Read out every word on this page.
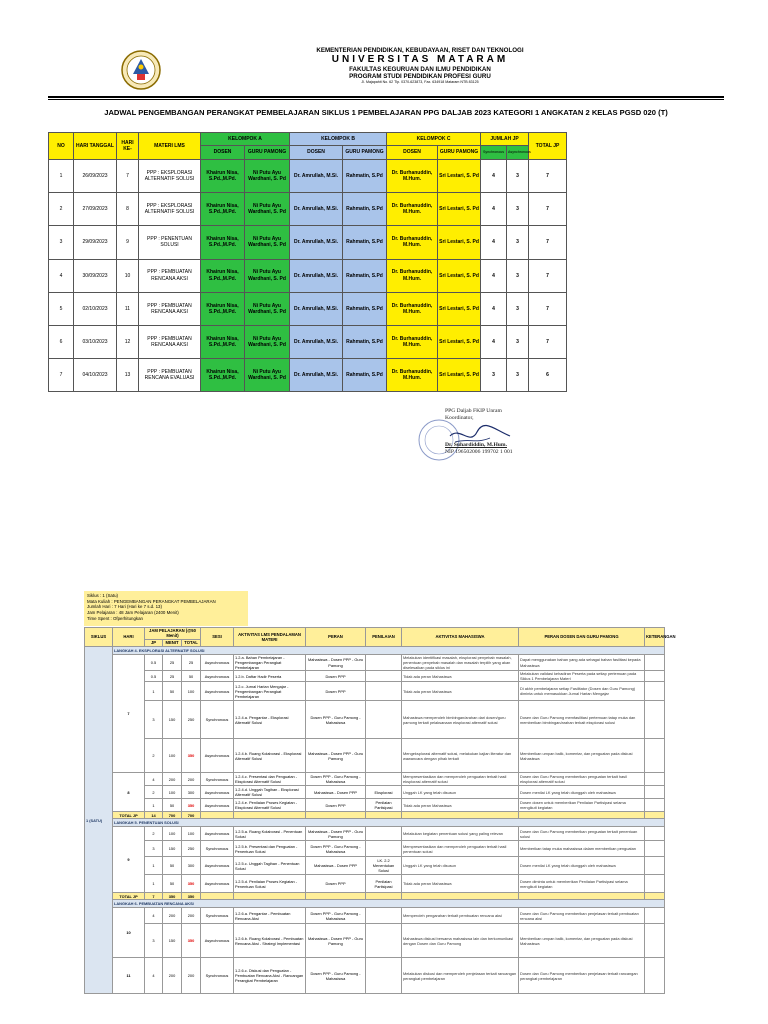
KEMENTERIAN PENDIDIKAN, KEBUDAYAAN, RISET DAN TEKNOLOGI
UNIVERSITAS MATARAM
FAKULTAS KEGURUAN DAN ILMU PENDIDIKAN
PROGRAM STUDI PENDIDIKAN PROFESI GURU
Jl. Majapahit No. 62 Tlp. 0370-623873, Fax. 634918 Mataram NTB 83125
JADWAL PENGEMBANGAN PERANGKAT PEMBELAJARAN SIKLUS 1 PEMBELAJARAN PPG DALJAB 2023 KATEGORI 1 ANGKATAN 2 KELAS PGSD 020 (T)
NO	HARI TANGGAL	HARI KE-	MATERI LMS	KELOMPOK A		KELOMPOK B		KELOMPOK C		JUMLAH JP		TOTAL JP
				DOSEN	GURU PAMONG	DOSEN	GURU PAMONG	DOSEN	GURU PAMONG	Synchronous	Asynchronous	
1	26/09/2023	7	PPP : EKSPLORASI ALTERNATIF SOLUSI	Khairun Nisa, S.Pd.,M.Pd.	Ni Putu Ayu Wardhani, S. Pd	Dr. Amrullah, M.Si.	Rahmatin, S.Pd	Dr. Burhanuddin, M.Hum.	Sri Lestari, S. Pd	4	3	7
2	27/09/2023	8	PPP : EKSPLORASI ALTERNATIF SOLUSI	Khairun Nisa, S.Pd.,M.Pd.	Ni Putu Ayu Wardhani, S. Pd	Dr. Amrullah, M.Si.	Rahmatin, S.Pd	Dr. Burhanuddin, M.Hum.	Sri Lestari, S. Pd	4	3	7
3	29/09/2023	9	PPP : PENENTUAN SOLUSI	Khairun Nisa, S.Pd.,M.Pd.	Ni Putu Ayu Wardhani, S. Pd	Dr. Amrullah, M.Si.	Rahmatin, S.Pd	Dr. Burhanuddin, M.Hum.	Sri Lestari, S. Pd	4	3	7
4	30/09/2023	10	PPP : PEMBUATAN RENCANA AKSI	Khairun Nisa, S.Pd.,M.Pd.	Ni Putu Ayu Wardhani, S. Pd	Dr. Amrullah, M.Si.	Rahmatin, S.Pd	Dr. Burhanuddin, M.Hum.	Sri Lestari, S. Pd	4	3	7
5	02/10/2023	11	PPP : PEMBUATAN RENCANA AKSI	Khairun Nisa, S.Pd.,M.Pd.	Ni Putu Ayu Wardhani, S. Pd	Dr. Amrullah, M.Si.	Rahmatin, S.Pd	Dr. Burhanuddin, M.Hum.	Sri Lestari, S. Pd	4	3	7
6	03/10/2023	12	PPP : PEMBUATAN RENCANA AKSI	Khairun Nisa, S.Pd.,M.Pd.	Ni Putu Ayu Wardhani, S. Pd	Dr. Amrullah, M.Si.	Rahmatin, S.Pd	Dr. Burhanuddin, M.Hum.	Sri Lestari, S. Pd	4	3	7
7	04/10/2023	13	PPP : PEMBUATAN RENCANA EVALUASI	Khairun Nisa, S.Pd.,M.Pd.	Ni Putu Ayu Wardhani, S. Pd	Dr. Amrullah, M.Si.	Rahmatin, S.Pd	Dr. Burhanuddin, M.Hum.	Sri Lestari, S. Pd	3	3	6
PPG Daljab FKIP Unram
Koordinator,
Dr. Suhardiddin, M.Hum.
NIP 196502006 199702 1 001
Siklus : 1 (Satu)
Mata Kuliah : PENGEMBANGAN PERANGKAT PEMBELAJARAN
Jumlah Hari : 7 Hari (Hari ke 7 s.d. 13)
Jam Pelajaran : 48 Jam Pelajaran (2400 Menit)
Time Spent : Ofperhitungkan
SIKLUS	HARI	JAM PELAJARAN (@50 Menit)			SESI	AKTIVITAS LMS PENDALAMAN MATERI	PERAN	PENILAIAN	AKTIVITAS MAHASISWA	PERAN DOSEN DAN GURU PAMONG	KETERANGAN
		JP	MENIT	TOTAL							
1 (SATU)	LANGKAH 4. EKSPLORASI ALTERNATIF SOLUSI										
	7	0.5	25	25	Asynchronous	1.2.a. Bahan Pembelajaran - Pengembangan Perangkat Pembelajaran	Mahasiswa - Dosen PPP - Guru Pamong		Melakukan identifikasi masalah, eksplorasi penyebab masalah, penentuan penyebab masalah dan masalah terpilih yang akan diselesaikan pada siklus ini	Dapat menggunakan bahan yang ada sebagai bahan fasilitasi kepada Mahasiswa	
		0.5	25	50	Asynchronous	1.2.b. Daftar Hadir Peserta	Dosen PPP		Tidak ada peran Mahasiswa	Melakukan validasi kehadiran Peserta pada setiap pertemuan pada Siklus 1 Pembelajaran Materi	
		1	50	100	Asynchronous	1.2.c. Jurnal Harian Mengajar - Pengembangan Perangkat Pembelajaran	Dosen PPP		Tidak ada peran Mahasiswa	Di akhir pembelajaran setiap Fasilitator (Dosen dan Guru Pamong) diminta untuk memasukkan Jurnal Harian Mengajar	
		3	150	250	Synchronous	1.2.4.a. Pengantar - Eksplorasi Alternatif Solusi	Dosen PPP - Guru Pamong - Mahasiswa		Mahasiswa memperoleh bimbingan/arahan dari dosen/guru pamong terkait pelaksanaan eksplorasi alternatif solusi	Dosen dan Guru Pamong memfasilitasi pertemuan tatap muka dan memberikan bimbingan/arahan terkait eksplorasi solusi	
		2	100	350	Asynchronous	1.2.4.b. Ruang Kolaborasi - Eksplorasi Alternatif Solusi	Mahasiswa - Dosen PPP - Guru Pamong		Mengeksplorasi alternatif solusi, melakukan kajian literatur dan wawancara dengan pihak terkait	Memberikan umpan balik, komentar, dan penguatan pada diskusi Mahasiswa	
	8	4	200	200	Synchronous	1.2.4.c. Presentasi dan Penguatan - Eksplorasi Alternatif Solusi	Dosen PPP - Guru Pamong - Mahasiswa		Mempresentasikan dan memperoleh penguatan terkait hasil eksplorasi alternatif solusi	Dosen dan Guru Pamong memberikan penguatan terkait hasil eksplorasi alternatif solusi	
		2	100	300	Asynchronous	1.2.4.d. Unggah Tagihan - Eksplorasi Alternatif Solusi	Mahasiswa - Dosen PPP	Eksplorasi	Unggah LK yang telah disusun	Dosen menilai LK yang telah diunggah oleh mahasiswa	
		1	50	350	Asynchronous	1.2.4.e. Penilaian Proses Kegiatan - Eksplorasi Alternatif Solusi	Dosen PPP	Penilaian Partisipasi	Tidak ada peran Mahasiswa	Dosen dosen untuk memberikan Penilaian Partisipasi selama mengikuti kegiatan	
	TOTAL JP	14	700	700							
	LANGKAH 5. PENENTUAN SOLUSI										
	9	2	100	100	Asynchronous	1.2.5.a. Ruang Kolaborasi - Penentuan Solusi	Mahasiswa - Dosen PPP - Guru Pamong		Melakukan kegiatan penentuan solusi yang paling relevan	Dosen dan Guru Pamong memberikan penguatan terkait penentuan solusi	
		3	150	250	Synchronous	1.2.5.b. Presentasi dan Penguatan - Penentuan Solusi	Dosen PPP - Guru Pamong - Mahasiswa		Mempresentasikan dan memperoleh penguatan terkait hasil penentuan solusi	Memberikan tatap muka mahasiswa dalam memberikan penguatan	
		1	50	300	Asynchronous	1.2.5.c. Unggah Tagihan - Penentuan Solusi	Mahasiswa - Dosen PPP	LK. 2.2 Menentukan Solusi	Unggah LK yang telah disusun	Dosen menilai LK yang telah diunggah oleh mahasiswa	
		1	50	350	Asynchronous	1.2.5.d. Penilaian Proses Kegiatan - Penentuan Solusi	Dosen PPP	Penilaian Partisipasi	Tidak ada peran Mahasiswa	Dosen diminta untuk memberikan Penilaian Partisipasi selama mengikuti kegiatan	
	TOTAL JP	7	350	350							
	LANGKAH 6. PEMBUATAN RENCANA AKSI										
	10	4	200	200	Synchronous	1.2.6.a. Pengantar - Pembuatan Rencana Aksi	Dosen PPP - Guru Pamong - Mahasiswa		Memperoleh pengarahan terkait pembuatan rencana aksi	Dosen dan Guru Pamong memberikan penjelasan terkait pembuatan rencana aksi	
		3	150	350	Asynchronous	1.2.6.b. Ruang Kolaborasi - Pembuatan Rencana Aksi - Strategi Implementasi	Mahasiswa - Dosen PPP - Guru Pamong		Mahasiswa diskusi bersama mahasiswa lain dan berkomunikasi dengan Dosen dan Guru Pamong	Memberikan umpan balik, komentar, dan penguatan pada diskusi Mahasiswa	
	11	4	200	200	Synchronous	1.2.6.c. Diskusi dan Penguatan - Pembuatan Rencana Aksi - Rancangan Perangkat Pembelajaran	Dosen PPP - Guru Pamong - Mahasiswa		Melakukan diskusi dan memperoleh penjelasan terkait rancangan perangkat pembelajaran	Dosen dan Guru Pamong memberikan penjelasan terkait rancangan perangkat pembelajaran	
